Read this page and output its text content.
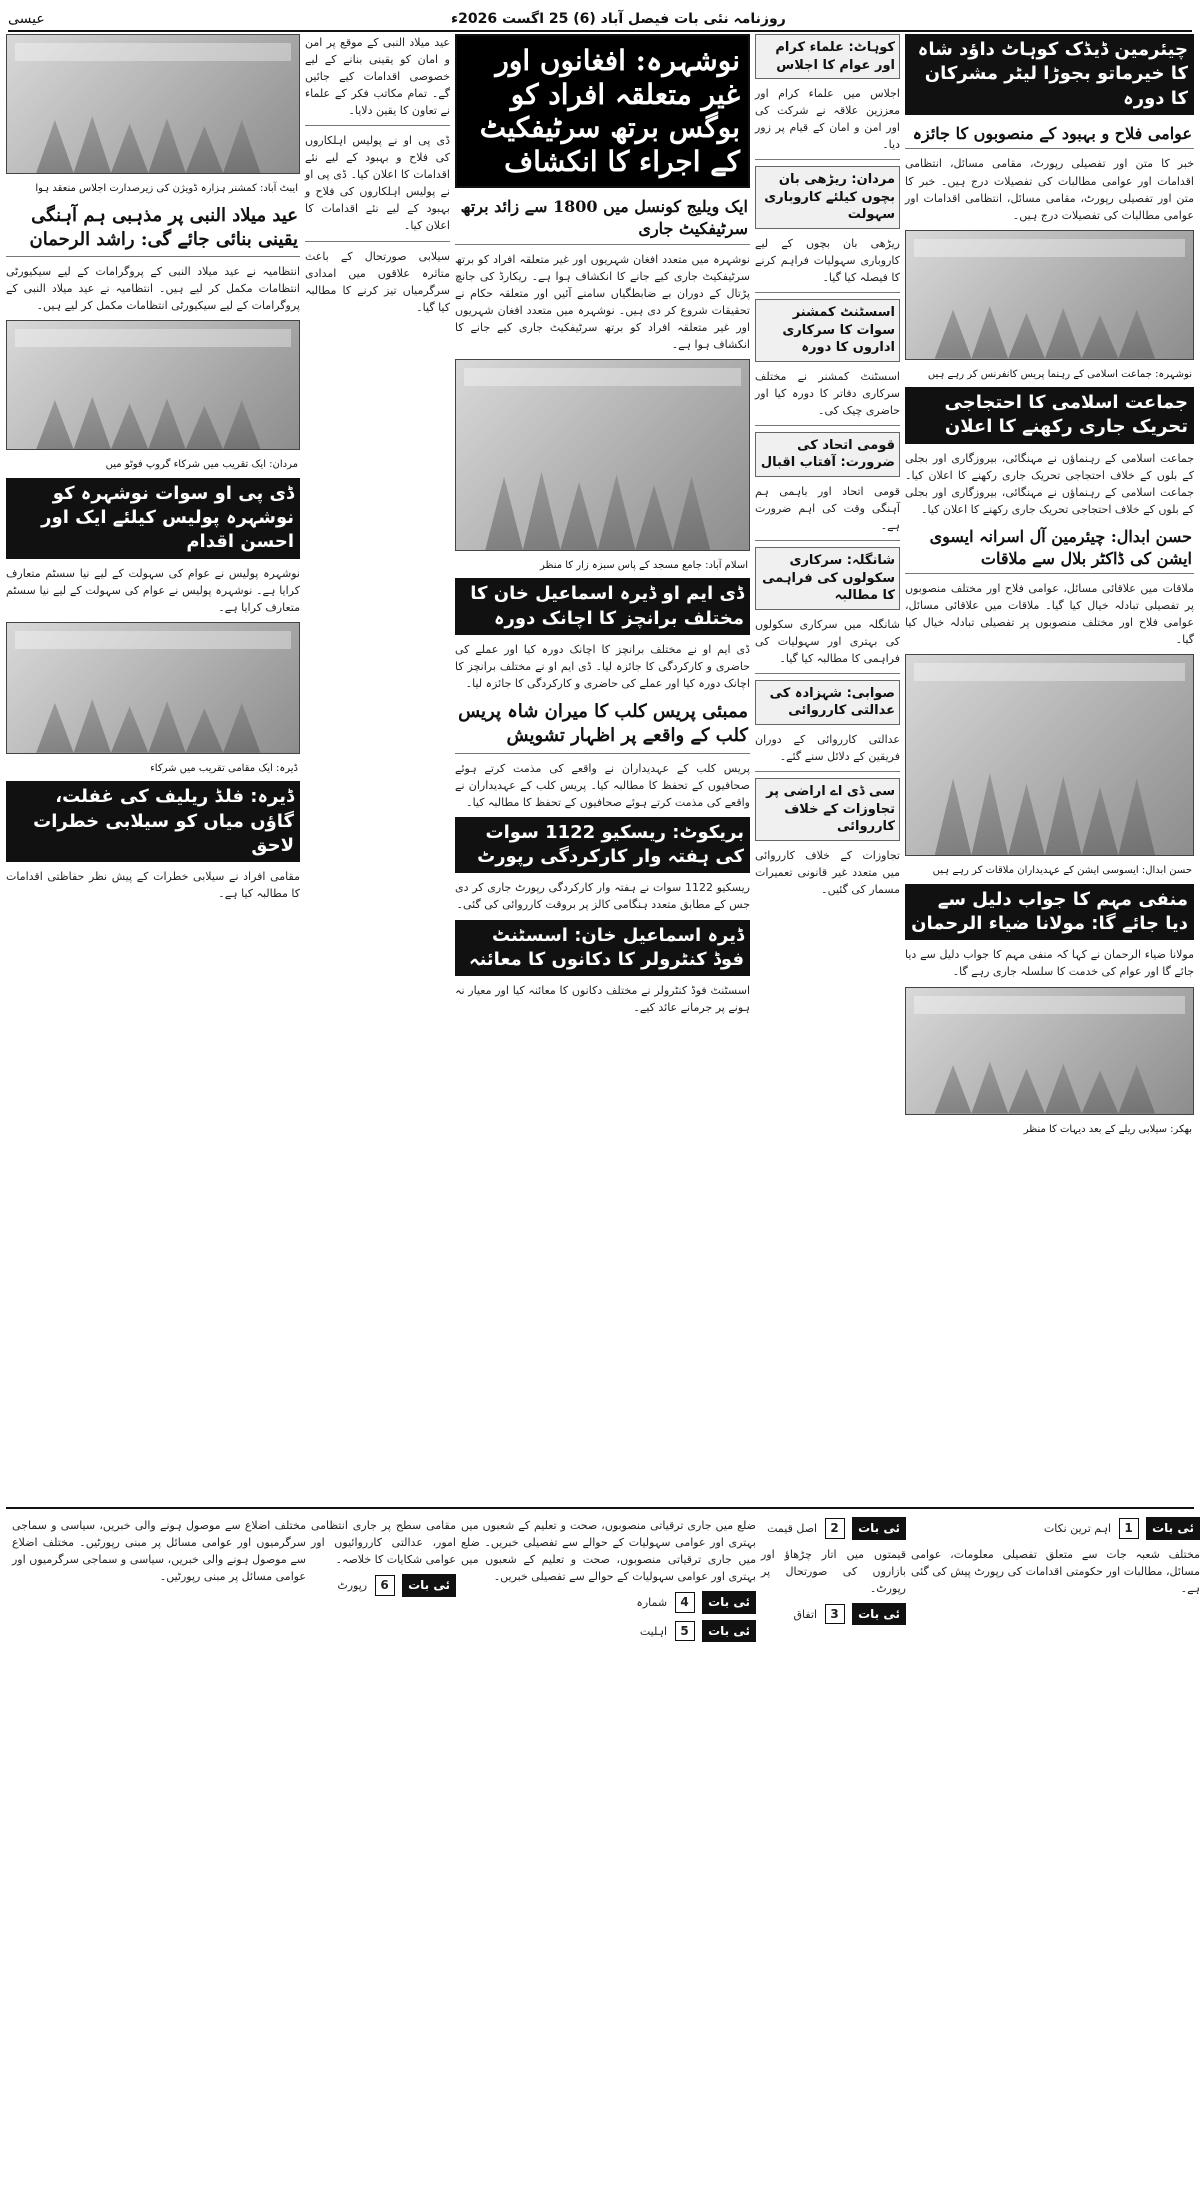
روزنامہ نئی بات فیصل آباد (6) 25 اگست 2026ء
عیسی
چیئرمین ڈیڈک کوہاٹ داؤد شاہ کا خیرماتو بجوڑا لیٹر مشرکان کا دورہ
عوامی فلاح و بہبود کے منصوبوں کا جائزہ
خبر کا متن اور تفصیلی رپورٹ، مقامی مسائل، انتظامی اقدامات اور عوامی مطالبات کی تفصیلات درج ہیں۔ خبر کا متن اور تفصیلی رپورٹ، مقامی مسائل، انتظامی اقدامات اور عوامی مطالبات کی تفصیلات درج ہیں۔
نوشہرہ: جماعت اسلامی کے رہنما پریس کانفرنس کر رہے ہیں
جماعت اسلامی کا احتجاجی تحریک جاری رکھنے کا اعلان
جماعت اسلامی کے رہنماؤں نے مہنگائی، بیروزگاری اور بجلی کے بلوں کے خلاف احتجاجی تحریک جاری رکھنے کا اعلان کیا۔ جماعت اسلامی کے رہنماؤں نے مہنگائی، بیروزگاری اور بجلی کے بلوں کے خلاف احتجاجی تحریک جاری رکھنے کا اعلان کیا۔
حسن ابدال: چیئرمین آل اسرانہ ایسوی ایشن کی ڈاکٹر بلال سے ملاقات
ملاقات میں علاقائی مسائل، عوامی فلاح اور مختلف منصوبوں پر تفصیلی تبادلہ خیال کیا گیا۔ ملاقات میں علاقائی مسائل، عوامی فلاح اور مختلف منصوبوں پر تفصیلی تبادلہ خیال کیا گیا۔
حسن ابدال: ایسوسی ایشن کے عہدیداران ملاقات کر رہے ہیں
منفی مہم کا جواب دلیل سے دیا جائے گا: مولانا ضیاء الرحمان
مولانا ضیاء الرحمان نے کہا کہ منفی مہم کا جواب دلیل سے دیا جائے گا اور عوام کی خدمت کا سلسلہ جاری رہے گا۔
بھکر: سیلابی ریلے کے بعد دیہات کا منظر
کوہاٹ: علماء کرام اور عوام کا اجلاس
اجلاس میں علماء کرام اور معززین علاقہ نے شرکت کی اور امن و امان کے قیام پر زور دیا۔
مردان: ریڑھی بان بچوں کیلئے کاروباری سہولت
ریڑھی بان بچوں کے لیے کاروباری سہولیات فراہم کرنے کا فیصلہ کیا گیا۔
اسسٹنٹ کمشنر سوات کا سرکاری اداروں کا دورہ
اسسٹنٹ کمشنر نے مختلف سرکاری دفاتر کا دورہ کیا اور حاضری چیک کی۔
قومی اتحاد کی ضرورت: آفتاب اقبال
قومی اتحاد اور باہمی ہم آہنگی وقت کی اہم ضرورت ہے۔
شانگلہ: سرکاری سکولوں کی فراہمی کا مطالبہ
شانگلہ میں سرکاری سکولوں کی بہتری اور سہولیات کی فراہمی کا مطالبہ کیا گیا۔
صوابی: شہزادہ کی عدالتی کارروائی
عدالتی کارروائی کے دوران فریقین کے دلائل سنے گئے۔
سی ڈی اے اراضی پر تجاوزات کے خلاف کارروائی
تجاوزات کے خلاف کارروائی میں متعدد غیر قانونی تعمیرات مسمار کی گئیں۔
نوشہرہ: افغانوں اور غیر متعلقہ افراد کو بوگس برتھ سرٹیفکیٹ کے اجراء کا انکشاف
ایک ویلیج کونسل میں 1800 سے زائد برتھ سرٹیفکیٹ جاری
نوشہرہ میں متعدد افغان شہریوں اور غیر متعلقہ افراد کو برتھ سرٹیفکیٹ جاری کیے جانے کا انکشاف ہوا ہے۔ ریکارڈ کی جانچ پڑتال کے دوران بے ضابطگیاں سامنے آئیں اور متعلقہ حکام نے تحقیقات شروع کر دی ہیں۔ نوشہرہ میں متعدد افغان شہریوں اور غیر متعلقہ افراد کو برتھ سرٹیفکیٹ جاری کیے جانے کا انکشاف ہوا ہے۔
اسلام آباد: جامع مسجد کے پاس سبزہ زار کا منظر
ڈی ایم او ڈیرہ اسماعیل خان کا مختلف برانچز کا اچانک دورہ
ڈی ایم او نے مختلف برانچز کا اچانک دورہ کیا اور عملے کی حاضری و کارکردگی کا جائزہ لیا۔ ڈی ایم او نے مختلف برانچز کا اچانک دورہ کیا اور عملے کی حاضری و کارکردگی کا جائزہ لیا۔
ممبئی پریس کلب کا میران شاہ پریس کلب کے واقعے پر اظہار تشویش
پریس کلب کے عہدیداران نے واقعے کی مذمت کرتے ہوئے صحافیوں کے تحفظ کا مطالبہ کیا۔ پریس کلب کے عہدیداران نے واقعے کی مذمت کرتے ہوئے صحافیوں کے تحفظ کا مطالبہ کیا۔
بریکوٹ: ریسکیو 1122 سوات کی ہفتہ وار کارکردگی رپورٹ
ریسکیو 1122 سوات نے ہفتہ وار کارکردگی رپورٹ جاری کر دی جس کے مطابق متعدد ہنگامی کالز پر بروقت کارروائی کی گئی۔
ڈیرہ اسماعیل خان: اسسٹنٹ فوڈ کنٹرولر کا دکانوں کا معائنہ
اسسٹنٹ فوڈ کنٹرولر نے مختلف دکانوں کا معائنہ کیا اور معیار نہ ہونے پر جرمانے عائد کیے۔
عید میلاد النبی کے موقع پر امن و امان کو یقینی بنانے کے لیے خصوصی اقدامات کیے جائیں گے۔ تمام مکاتب فکر کے علماء نے تعاون کا یقین دلایا۔
ڈی پی او نے پولیس اہلکاروں کی فلاح و بہبود کے لیے نئے اقدامات کا اعلان کیا۔ ڈی پی او نے پولیس اہلکاروں کی فلاح و بہبود کے لیے نئے اقدامات کا اعلان کیا۔
سیلابی صورتحال کے باعث متاثرہ علاقوں میں امدادی سرگرمیاں تیز کرنے کا مطالبہ کیا گیا۔
ایبٹ آباد: کمشنر ہزارہ ڈویژن کی زیرصدارت اجلاس منعقد ہوا
عید میلاد النبی پر مذہبی ہم آہنگی یقینی بنائی جائے گی: راشد الرحمان
انتظامیہ نے عید میلاد النبی کے پروگرامات کے لیے سیکیورٹی انتظامات مکمل کر لیے ہیں۔ انتظامیہ نے عید میلاد النبی کے پروگرامات کے لیے سیکیورٹی انتظامات مکمل کر لیے ہیں۔
مردان: ایک تقریب میں شرکاء گروپ فوٹو میں
ڈی پی او سوات نوشہرہ کو نوشہرہ پولیس کیلئے ایک اور احسن اقدام
نوشہرہ پولیس نے عوام کی سہولت کے لیے نیا سسٹم متعارف کرایا ہے۔ نوشہرہ پولیس نے عوام کی سہولت کے لیے نیا سسٹم متعارف کرایا ہے۔
ڈیرہ: ایک مقامی تقریب میں شرکاء
ڈیرہ: فلڈ ریلیف کی غفلت، گاؤں میاں کو سیلابی خطرات لاحق
مقامی افراد نے سیلابی خطرات کے پیش نظر حفاظتی اقدامات کا مطالبہ کیا ہے۔
ئی بات 1 اہم ترین نکات
مختلف شعبہ جات سے متعلق تفصیلی معلومات، عوامی مسائل، مطالبات اور حکومتی اقدامات کی رپورٹ پیش کی گئی ہے۔
ئی بات 2 اصل قیمت
قیمتوں میں اتار چڑھاؤ اور بازاروں کی صورتحال پر رپورٹ۔
ئی بات 3 اتفاق
ضلع میں جاری ترقیاتی منصوبوں، صحت و تعلیم کے شعبوں میں بہتری اور عوامی سہولیات کے حوالے سے تفصیلی خبریں۔ ضلع میں جاری ترقیاتی منصوبوں، صحت و تعلیم کے شعبوں میں بہتری اور عوامی سہولیات کے حوالے سے تفصیلی خبریں۔
ئی بات 4 شمارہ
ئی بات 5 اہلیت
مقامی سطح پر جاری انتظامی امور، عدالتی کارروائیوں اور عوامی شکایات کا خلاصہ۔
ئی بات 6 رپورٹ
مختلف اضلاع سے موصول ہونے والی خبریں، سیاسی و سماجی سرگرمیوں اور عوامی مسائل پر مبنی رپورٹیں۔ مختلف اضلاع سے موصول ہونے والی خبریں، سیاسی و سماجی سرگرمیوں اور عوامی مسائل پر مبنی رپورٹیں۔
